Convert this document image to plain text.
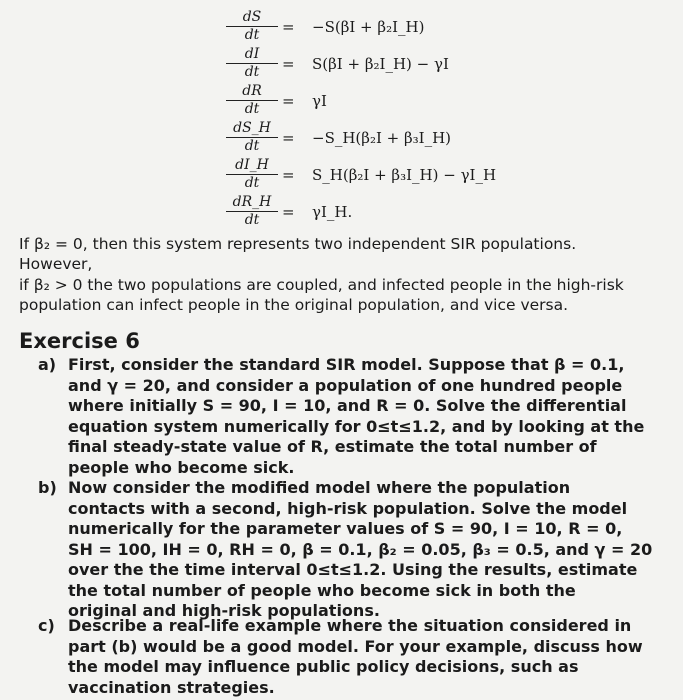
$\frac{dS}{dt} = -S(\beta I$ + β₂I_H)
$\frac{dI}{dt} = S(\beta I$ + β₂I_H) − γI
$\frac{dR}{dt} = \gamma I$
$\frac{dS\_H}{dt}$ = −S_H(β₂I + β₃I_H)
$\frac{dI\_H}{dt}$ = S_H(β₂I + β₃I_H) − γI_H
$\frac{dR\_H}{dt}$ = γI_H.
If β₂ = 0, then this system represents two independent SIR populations.
However,
if β₂ > 0 the two populations are coupled, and infected people in the high-risk
population can infect people in the original population, and vice versa.
Exercise 6
a) First, consider the standard SIR model. Suppose that β = 0.1,
and γ = 20, and consider a population of one hundred people
where initially S = 90, I = 10, and R = 0. Solve the differential
equation system numerically for 0≤t≤1.2, and by looking at the
final steady-state value of R, estimate the total number of
people who become sick.
b) Now consider the modified model where the population
contacts with a second, high-risk population. Solve the model
numerically for the parameter values of S = 90, I = 10, R = 0,
SH = 100, IH = 0, RH = 0, β = 0.1, β₂ = 0.05, β₃ = 0.5, and γ = 20
over the the time interval 0≤t≤1.2. Using the results, estimate
the total number of people who become sick in both the
original and high-risk populations.
c) Describe a real-life example where the situation considered in
part (b) would be a good model. For your example, discuss how
the model may influence public policy decisions, such as
vaccination strategies.
